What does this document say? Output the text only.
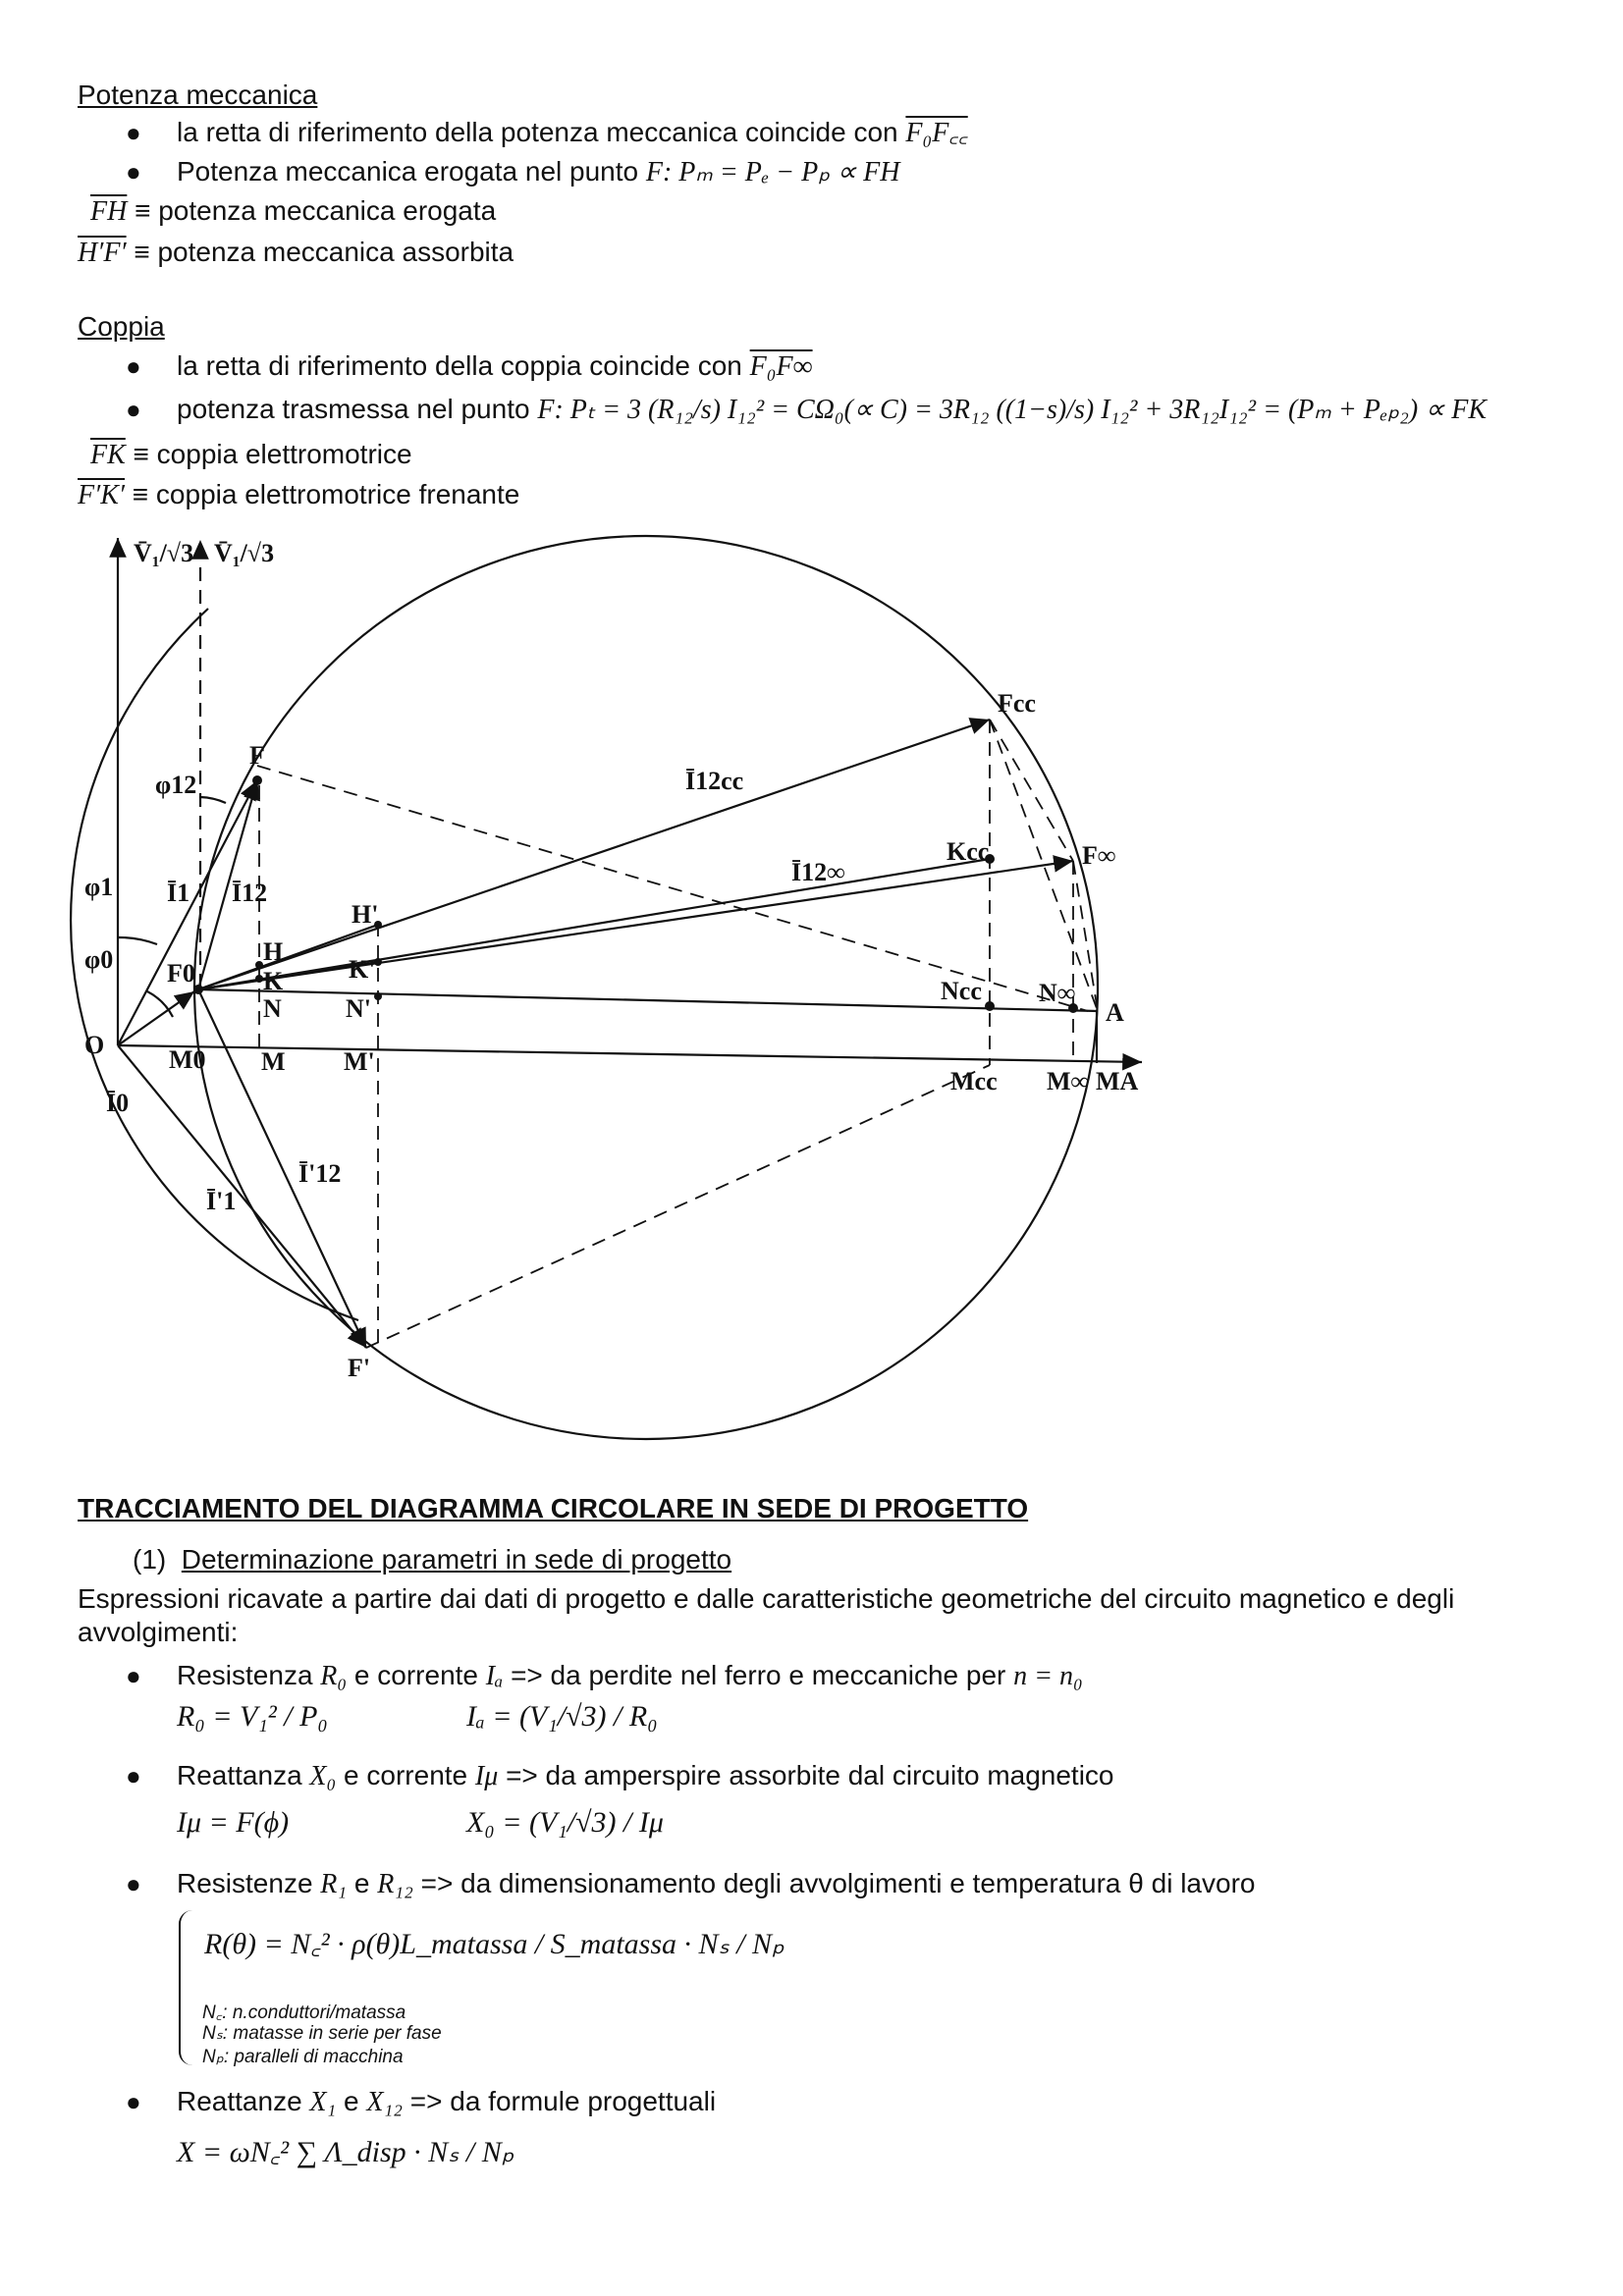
Potenza meccanica
● la retta di riferimento della potenza meccanica coincide con F₀F꜀꜀
● Potenza meccanica erogata nel punto F: Pₘ = Pₑ − Pₚ ∝ FH
$\overline{FH}$ ≡ potenza meccanica erogata
H′F′ ≡ potenza meccanica assorbita
Coppia
● la retta di riferimento della coppia coincide con F₀F∞
● potenza trasmessa nel punto F: Pₜ = 3 (R₁₂/s) I₁₂² = CΩ₀(∝ C) = 3R₁₂ ((1−s)/s) I₁₂² + 3R₁₂I₁₂² = (Pₘ + Pₑₚ₂) ∝ FK
$\overline{FK}$ ≡ coppia elettromotrice
F′K′ ≡ coppia elettromotrice frenante
V̄₁/√3 V̄₁/√3
φ12
φ1
φ0
F
Fcc
F∞
Kcc
Ncc N∞
A
Mcc M∞ MA
Ī12cc
Ī12∞
Ī1 Ī12
H'
K'
N'
M'
H
K
N
M
M0
F0
O
Ī0
Ī'1
Ī'12
F'
TRACCIAMENTO DEL DIAGRAMMA CIRCOLARE IN SEDE DI PROGETTO
(1) Determinazione parametri in sede di progetto
Espressioni ricavate a partire dai dati di progetto e dalle caratteristiche geometriche del circuito magnetico e degli
avvolgimenti:
● Resistenza R₀ e corrente Iₐ => da perdite nel ferro e meccaniche per n = n₀
R₀ = V₁² / P₀	Iₐ = (V₁/√3) / R₀
● Reattanza X₀ e corrente Iμ => da amperspire assorbite dal circuito magnetico
Iμ = F(ϕ)	X₀ = (V₁/√3) / Iμ
● Resistenze R₁ e R₁₂ => da dimensionamento degli avvolgimenti e temperatura θ di lavoro
R(θ) = N꜀² · ρ(θ)L_matassa / S_matassa · Nₛ / Nₚ
N꜀: n.conduttori/matassa
Nₛ: matasse in serie per fase
Nₚ: paralleli di macchina
● Reattanze X₁ e X₁₂ => da formule progettuali
X = ωN꜀² ∑ Λ_disp · Nₛ / Nₚ
